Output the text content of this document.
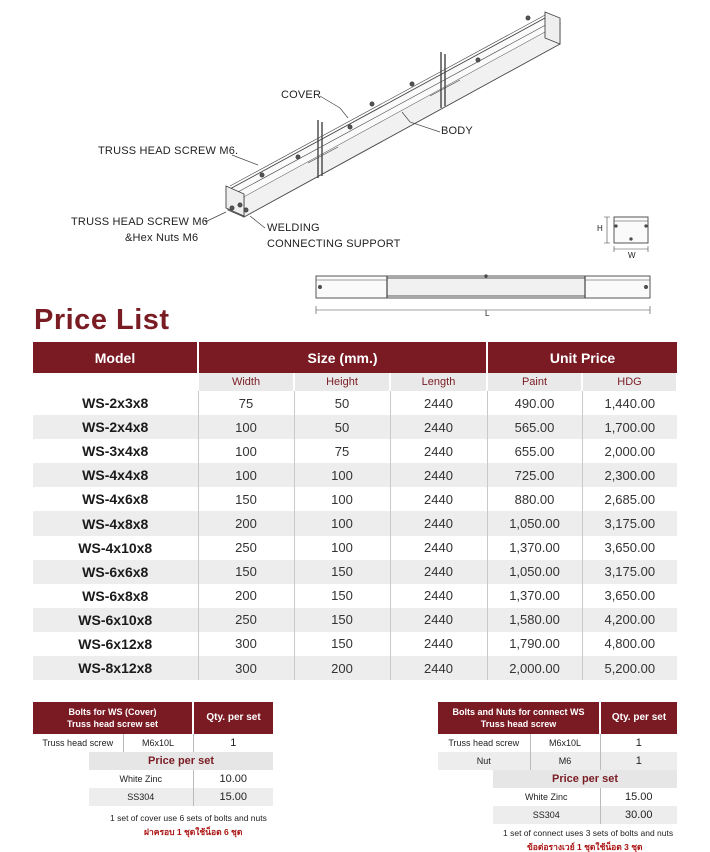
COVER
BODY
TRUSS HEAD SCREW M6.
TRUSS HEAD SCREW M6
&Hex Nuts M6
WELDING
CONNECTING SUPPORT
H
W
L
Price List
Model	Size (mm.)			Unit Price	
	Width	Height	Length	Paint	HDG
WS-2x3x8	75	50	2440	490.00	1,440.00
WS-2x4x8	100	50	2440	565.00	1,700.00
WS-3x4x8	100	75	2440	655.00	2,000.00
WS-4x4x8	100	100	2440	725.00	2,300.00
WS-4x6x8	150	100	2440	880.00	2,685.00
WS-4x8x8	200	100	2440	1,050.00	3,175.00
WS-4x10x8	250	100	2440	1,370.00	3,650.00
WS-6x6x8	150	150	2440	1,050.00	3,175.00
WS-6x8x8	200	150	2440	1,370.00	3,650.00
WS-6x10x8	250	150	2440	1,580.00	4,200.00
WS-6x12x8	300	150	2440	1,790.00	4,800.00
WS-8x12x8	300	200	2440	2,000.00	5,200.00
Bolts for WS (Cover)
Truss head screw set		Qty. per set
Truss head screw	M6x10L	1
Price per set	
White Zinc	10.00
SS304	15.00
1 set of cover use 6 sets of bolts and nuts
ฝาครอบ 1 ชุดใช้น็อต 6 ชุด
Bolts and Nuts for connect WS
Truss head screw		Qty. per set
Truss head screw	M6x10L	1
Nut	M6	1
Price per set	
White Zinc	15.00
SS304	30.00
1 set of connect uses 3 sets of bolts and nuts
ข้อต่อรางเวย์ 1 ชุดใช้น็อต 3 ชุด
